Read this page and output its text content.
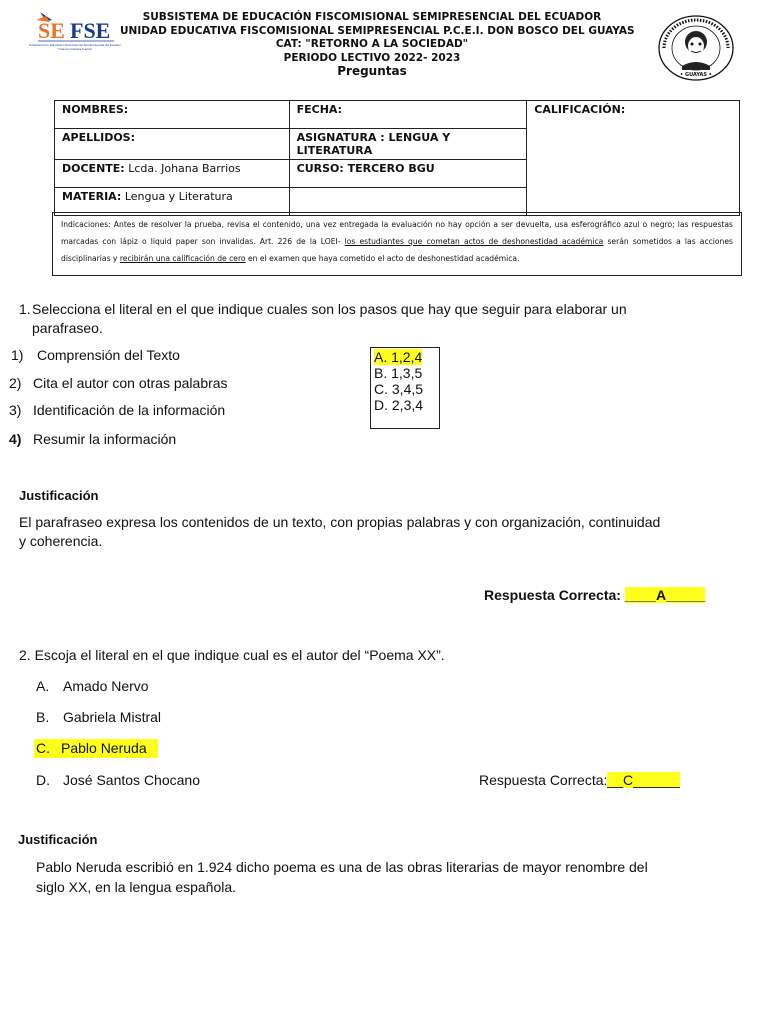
SE FSE
Subsistema de Educación Fiscomisional Semipresencial del Ecuador
"Unamos Nuestra Fuerza"
SUBSISTEMA DE EDUCACIÓN FISCOMISIONAL SEMIPRESENCIAL DEL ECUADOR
UNIDAD EDUCATIVA FISCOMISIONAL SEMIPRESENCIAL P.C.E.I. DON BOSCO DEL GUAYAS
CAT: "RETORNO A LA SOCIEDAD"
PERIODO LECTIVO 2022- 2023
Preguntas	• GUAYAS •
NOMBRES:	FECHA:	CALIFICACIÓN:
APELLIDOS:	ASIGNATURA : LENGUA Y LITERATURA	
DOCENTE: Lcda. Johana Barrios	CURSO: TERCERO BGU	
MATERIA: Lengua y Literatura		
Indicaciones: Antes de resolver la prueba, revisa el contenido, una vez entregada la evaluación no hay opción a ser devuelta, usa esferográfico azul o negro; las respuestas marcadas con lápiz o liquid paper son invalidas. Art. 226 de la LOEI- los estudiantes que cometan actos de deshonestidad académica serán sometidos a las acciones disciplinarias y recibirán una calificación de cero en el examen que haya cometido el acto de deshonestidad académica.
1. Selecciona el literal en el que indique cuales son los pasos que hay que seguir para elaborar un
parafraseo.
1) Comprensión del Texto
2) Cita el autor con otras palabras
3) Identificación de la información
4) Resumir la información
A. 1,2,4
B. 1,3,5
C. 3,4,5
D. 2,3,4
Justificación
El parafraseo expresa los contenidos de un texto, con propias palabras y con organización, continuidad
y coherencia.
Respuesta Correcta: ____A_____
2. Escoja el literal en el que indique cual es el autor del “Poema XX”.
A. Amado Nervo
B. Gabriela Mistral
C. Pablo Neruda
D. José Santos Chocano	Respuesta Correcta:__C______
Justificación
Pablo Neruda escribió en 1.924 dicho poema es una de las obras literarias de mayor renombre del
siglo XX, en la lengua española.
